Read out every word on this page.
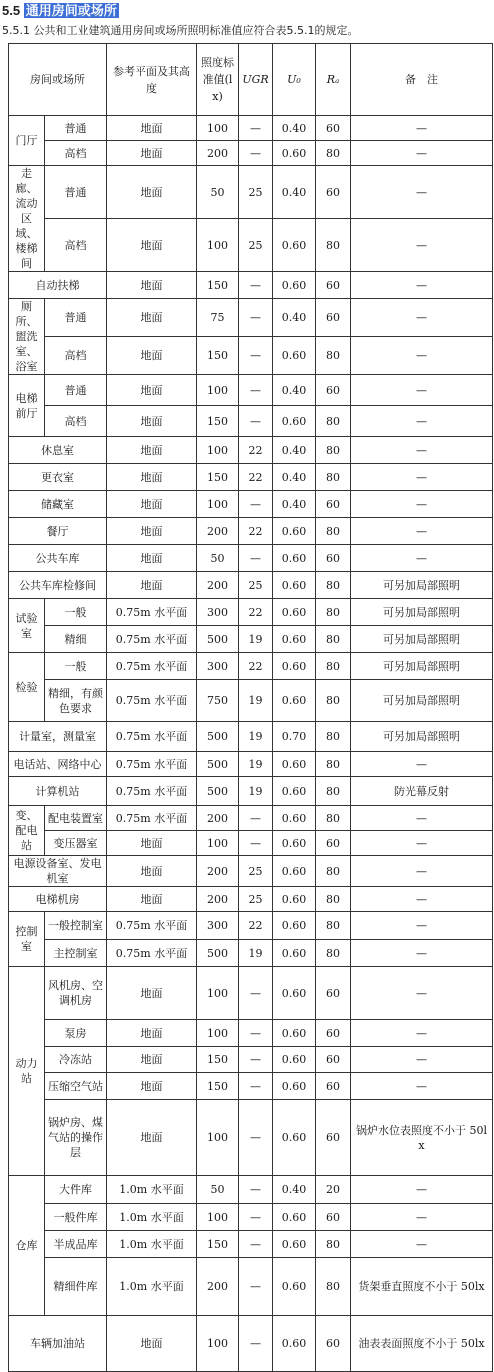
5.5 通用房间或场所
5.5.1 公共和工业建筑通用房间或场所照明标准值应符合表5.5.1的规定。
房间或场所		参考平面及其高度	照度标准值(lx)	UGR	U₀	Rₐ	备　注
门厅	普通	地面	100	—	0.40	60	—
	高档	地面	200	—	0.60	80	—
走廊、流动区域、楼梯间	普通	地面	50	25	0.40	60	—
	高档	地面	100	25	0.60	80	—
自动扶梯		地面	150	—	0.60	60	—
厕所、盥洗室、浴室	普通	地面	75	—	0.40	60	—
	高档	地面	150	—	0.60	80	—
电梯前厅	普通	地面	100	—	0.40	60	—
	高档	地面	150	—	0.60	80	—
休息室		地面	100	22	0.40	80	—
更衣室		地面	150	22	0.40	80	—
储藏室		地面	100	—	0.40	60	—
餐厅		地面	200	22	0.60	80	—
公共车库		地面	50	—	0.60	60	—
公共车库检修间		地面	200	25	0.60	80	可另加局部照明
试验室	一般	0.75m 水平面	300	22	0.60	80	可另加局部照明
	精细	0.75m 水平面	500	19	0.60	80	可另加局部照明
检验	一般	0.75m 水平面	300	22	0.60	80	可另加局部照明
	精细，有颜色要求	0.75m 水平面	750	19	0.60	80	可另加局部照明
计量室，测量室		0.75m 水平面	500	19	0.70	80	可另加局部照明
电话站、网络中心		0.75m 水平面	500	19	0.60	80	—
计算机站		0.75m 水平面	500	19	0.60	80	防光幕反射
变、配电站	配电装置室	0.75m 水平面	200	—	0.60	80	—
	变压器室	地面	100	—	0.60	60	—
电源设备室、发电机室		地面	200	25	0.60	80	—
电梯机房		地面	200	25	0.60	80	—
控制室	一般控制室	0.75m 水平面	300	22	0.60	80	—
	主控制室	0.75m 水平面	500	19	0.60	80	—
动力站	风机房、空调机房	地面	100	—	0.60	60	—
	泵房	地面	100	—	0.60	60	—
	冷冻站	地面	150	—	0.60	60	—
	压缩空气站	地面	150	—	0.60	60	—
	锅炉房、煤气站的操作层	地面	100	—	0.60	60	锅炉水位表照度不小于 50lx
仓库	大件库	1.0m 水平面	50	—	0.40	20	—
	一般件库	1.0m 水平面	100	—	0.60	60	—
	半成品库	1.0m 水平面	150	—	0.60	80	—
	精细件库	1.0m 水平面	200	—	0.60	80	货架垂直照度不小于 50lx
车辆加油站		地面	100	—	0.60	60	油表表面照度不小于 50lx
